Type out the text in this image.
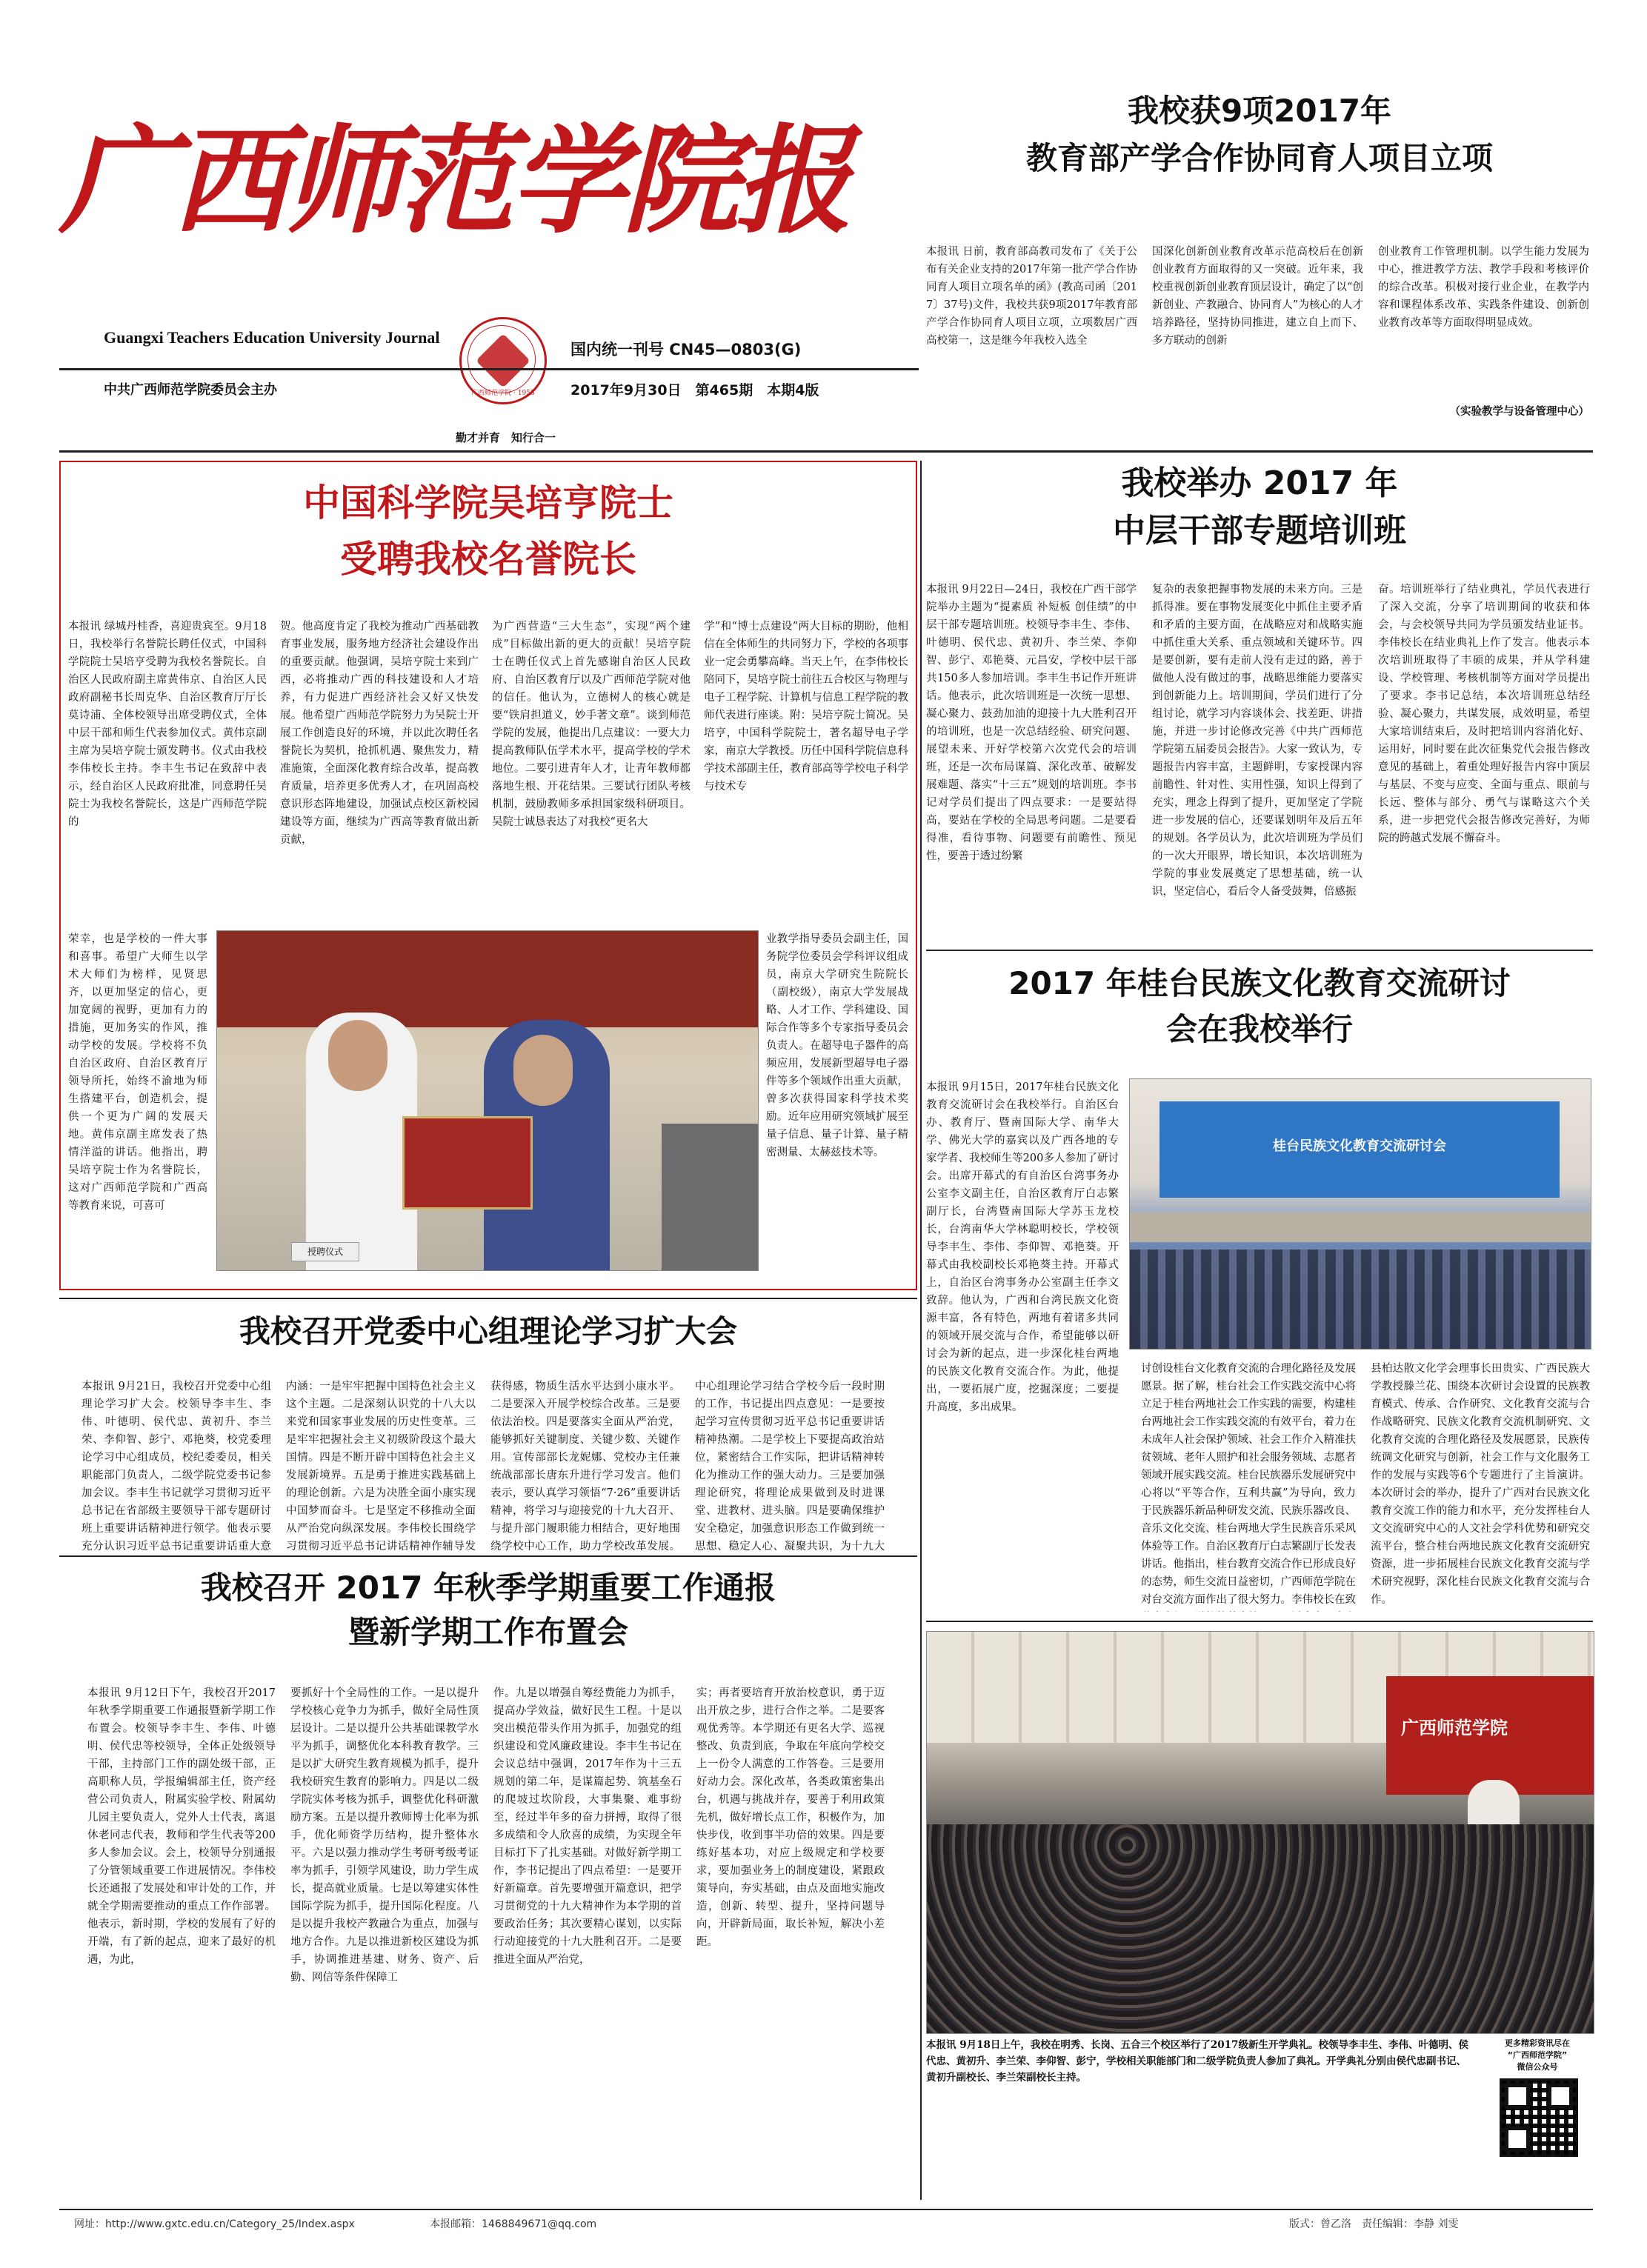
广西师范学院报
Guangxi Teachers Education University Journal
广西师范学院 · 1953
国内统一刊号 CN45—0803(G)
中共广西师范学院委员会主办	2017年9月30日　第465期　本期4版
勤才并育　知行合一
我校获9项2017年
教育部产学合作协同育人项目立项
本报讯 日前，教育部高教司发布了《关于公布有关企业支持的2017年第一批产学合作协同育人项目立项名单的函》(教高司函〔2017〕37号)文件，我校共获9项2017年教育部产学合作协同育人项目立项，立项数居广西高校第一，这是继今年我校入选全
国深化创新创业教育改革示范高校后在创新创业教育方面取得的又一突破。近年来，我校重视创新创业教育顶层设计，确定了以“创新创业、产教融合、协同育人”为核心的人才培养路径，坚持协同推进，建立自上而下、多方联动的创新
创业教育工作管理机制。以学生能力发展为中心，推进教学方法、教学手段和考核评价的综合改革。积极对接行业企业，在教学内容和课程体系改革、实践条件建设、创新创业教育改革等方面取得明显成效。
（实验教学与设备管理中心）
中国科学院吴培亨院士
受聘我校名誉院长
本报讯 绿城丹桂香，喜迎贵宾至。9月18日，我校举行名誉院长聘任仪式，中国科学院院士吴培亨受聘为我校名誉院长。自治区人民政府副主席黄伟京、自治区人民政府副秘书长周克华、自治区教育厅厅长莫诗浦、全体校领导出席受聘仪式，全体中层干部和师生代表参加仪式。黄伟京副主席为吴培亨院士颁发聘书。仪式由我校李伟校长主持。李丰生书记在致辞中表示，经自治区人民政府批准，同意聘任吴院士为我校名誉院长，这是广西师范学院的
贺。他高度肯定了我校为推动广西基础教育事业发展，服务地方经济社会建设作出的重要贡献。他强调，吴培亨院士来到广西，必将推动广西的科技建设和人才培养，有力促进广西经济社会又好又快发展。他希望广西师范学院努力为吴院士开展工作创造良好的环境，并以此次聘任名誉院长为契机，抢抓机遇、聚焦发力，精准施策，全面深化教育综合改革，提高教育质量，培养更多优秀人才，在巩固高校意识形态阵地建设，加强试点校区新校园建设等方面，继续为广西高等教育做出新贡献，
为广西营造“三大生态”，实现“两个建成”目标做出新的更大的贡献！吴培亨院士在聘任仪式上首先感谢自治区人民政府、自治区教育厅以及广西师范学院对他的信任。他认为，立德树人的核心就是要“铁肩担道义，妙手著文章”。谈到师范学院的发展，他提出几点建议：一要大力提高教师队伍学术水平，提高学校的学术地位。二要引进青年人才，让青年教师都落地生根、开花结果。三要试行团队考核机制，鼓励教师多承担国家级科研项目。吴院士诚恳表达了对我校“更名大
学”和“博士点建设”两大目标的期盼，他相信在全体师生的共同努力下，学校的各项事业一定会勇攀高峰。当天上午，在李伟校长陪同下，吴培亨院士前往五合校区与物理与电子工程学院、计算机与信息工程学院的教师代表进行座谈。附：吴培亨院士简况。吴培亨，中国科学院院士，著名超导电子学家，南京大学教授。历任中国科学院信息科学技术部副主任，教育部高等学校电子科学与技术专
荣幸，也是学校的一件大事和喜事。希望广大师生以学术大师们为榜样，见贤思齐，以更加坚定的信心，更加宽阔的视野，更加有力的措施，更加务实的作风，推动学校的发展。学校将不负自治区政府、自治区教育厅领导所托，始终不渝地为师生搭建平台，创造机会，提供一个更为广阔的发展天地。黄伟京副主席发表了热情洋溢的讲话。他指出，聘吴培亨院士作为名誉院长，这对广西师范学院和广西高等教育来说，可喜可
授聘仪式
业教学指导委员会副主任，国务院学位委员会学科评议组成员，南京大学研究生院院长（副校级），南京大学发展战略、人才工作、学科建设、国际合作等多个专家指导委员会负责人。在超导电子器件的高频应用，发展新型超导电子器件等多个领域作出重大贡献，曾多次获得国家科学技术奖励。近年应用研究领域扩展至量子信息、量子计算、量子精密测量、太赫兹技术等。
我校召开党委中心组理论学习扩大会
本报讯 9月21日，我校召开党委中心组理论学习扩大会。校领导李丰生、李伟、叶德明、侯代忠、黄初升、李兰荣、李仰智、彭宁、邓艳葵，校党委理论学习中心组成员，校纪委委员，相关职能部门负责人，二级学院党委书记参加会议。李丰生书记就学习贯彻习近平总书记在省部级主要领导干部专题研讨班上重要讲话精神进行领学。他表示要充分认识习近平总书记重要讲话重大意
内涵：一是牢牢把握中国特色社会主义这个主题。二是深刻认识党的十八大以来党和国家事业发展的历史性变革。三是牢牢把握社会主义初级阶段这个最大国情。四是不断开辟中国特色社会主义发展新境界。五是勇于推进实践基础上的理论创新。六是为决胜全面小康实现中国梦而奋斗。七是坚定不移推动全面从严治党向纵深发展。李伟校长围绕学习贯彻习近平总书记讲话精神作辅导发
获得感，物质生活水平达到小康水平。二是要深入开展学校综合改革。三是要依法治校。四是要落实全面从严治党，能够抓好关键制度、关键少数、关键作用。宣传部部长龙妮娜、党校办主任兼统战部部长唐东升进行学习发言。他们表示，要认真学习领悟“7·26”重要讲话精神，将学习与迎接党的十九大召开、与提升部门履职能力相结合，更好地围绕学校中心工作，助力学校改革发展。
中心组理论学习结合学校今后一段时期的工作，书记提出四点意见：一是要按起学习宣传贯彻习近平总书记重要讲话精神热潮。二是学校上下要提高政治站位，紧密结合工作实际，把讲话精神转化为推动工作的强大动力。三是要加强理论研究，将理论成果做到及时进课堂、进教材、进头脑。四是要确保维护安全稳定，加强意识形态工作做到统一思想、稳定人心、凝聚共识，为十九大
我校召开 2017 年秋季学期重要工作通报
暨新学期工作布置会
本报讯 9月12日下午，我校召开2017年秋季学期重要工作通报暨新学期工作布置会。校领导李丰生、李伟、叶德明、侯代忠等校领导，全体正处级领导干部，主持部门工作的副处级干部，正高职称人员，学报编辑部主任，资产经营公司负责人，附属实验学校、附属幼儿园主要负责人，党外人士代表，离退休老同志代表，教师和学生代表等200多人参加会议。会上，校领导分别通报了分管领域重要工作进展情况。李伟校长还通报了发展处和审计处的工作，并就全学期需要推动的重点工作作部署。他表示，新时期，学校的发展有了好的开端，有了新的起点，迎来了最好的机遇，为此，
要抓好十个全局性的工作。一是以提升学校核心竞争力为抓手，做好全局性顶层设计。二是以提升公共基础课教学水平为抓手，调整优化本科教育教学。三是以扩大研究生教育规模为抓手，提升我校研究生教育的影响力。四是以二级学院实体考核为抓手，调整优化科研激励方案。五是以提升教师博士化率为抓手，优化师资学历结构，提升整体水平。六是以强力推动学生考研考级考证率为抓手，引领学风建设，助力学生成长，提高就业质量。七是以筹建实体性国际学院为抓手，提升国际化程度。八是以提升我校产教融合为重点，加强与地方合作。九是以推进新校区建设为抓手，协调推进基建、财务、资产、后勤、网信等条件保障工
作。九是以增强自筹经费能力为抓手，提高办学效益，做好民生工程。十是以突出模范带头作用为抓手，加强党的组织建设和党风廉政建设。李丰生书记在会议总结中强调，2017年作为十三五规划的第二年，是谋篇起势、筑基垒石的爬坡过坎阶段，大事集聚、难事纷至，经过半年多的奋力拼搏，取得了很多成绩和令人欣喜的成绩，为实现全年目标打下了扎实基础。对做好新学期工作，李书记提出了四点希望：一是要开好新篇章。首先要增强开篇意识，把学习贯彻党的十九大精神作为本学期的首要政治任务；其次要精心谋划，以实际行动迎接党的十九大胜利召开。二是要推进全面从严治党，
实；再者要培育开放治校意识，勇于迈出开放之步，进行合作之举。二是要客观优秀等。本学期还有更名大学、巡视整改、负责到底，争取在年底向学校交上一份令人满意的工作答卷。三是要用好动力会。深化改革，各类政策密集出台，机遇与挑战并存，要善于利用政策先机，做好增长点工作，积极作为，加快步伐，收到事半功倍的效果。四是要练好基本功，对应上级规定和学校要求，要加强业务上的制度建设，紧跟政策导向，夯实基础，由点及面地实施改造，创新、转型、提升，坚持问题导向，开辟新局面，取长补短，解决小差距。
我校举办 2017 年
中层干部专题培训班
本报讯 9月22日—24日，我校在广西干部学院举办主题为“提素质 补短板 创佳绩”的中层干部专题培训班。校领导李丰生、李伟、叶德明、侯代忠、黄初升、李兰荣、李仰智、彭宁、邓艳葵、元昌安，学校中层干部共150多人参加培训。李丰生书记作开班讲话。他表示，此次培训班是一次统一思想、凝心聚力、鼓劲加油的迎接十九大胜利召开的培训班，也是一次总结经验、研究问题、展望未来、开好学校第六次党代会的培训班，还是一次布局谋篇、深化改革、破解发展难题、落实“十三五”规划的培训班。李书记对学员们提出了四点要求：一是要站得高，要站在学校的全局思考问题。二是要看得准，看待事物、问题要有前瞻性、预见性，要善于透过纷繁
复杂的表象把握事物发展的未来方向。三是抓得准。要在事物发展变化中抓住主要矛盾和矛盾的主要方面，在战略应对和战略实施中抓住重大关系、重点领域和关键环节。四是要创新，要有走前人没有走过的路，善于做他人没有做过的事，战略思维能力要落实到创新能力上。培训期间，学员们进行了分组讨论，就学习内容谈体会、找差距、讲措施，并进一步讨论修改完善《中共广西师范学院第五届委员会报告》。大家一致认为，专题报告内容丰富，主题鲜明，专家授课内容前瞻性、针对性、实用性强，知识上得到了充实，理念上得到了提升，更加坚定了学院进一步发展的信心，还要谋划明年及后五年的规划。各学员认为，此次培训班为学员们的一次大开眼界，增长知识，本次培训班为学院的事业发展奠定了思想基础，统一认识，坚定信心，看后令人备受鼓舞，倍感振
奋。培训班举行了结业典礼，学员代表进行了深入交流，分享了培训期间的收获和体会，与会校领导共同为学员颁发结业证书。李伟校长在结业典礼上作了发言。他表示本次培训班取得了丰硕的成果，并从学科建设、学校管理、考核机制等方面对学员提出了要求。李书记总结，本次培训班总结经验、凝心聚力，共谋发展，成效明显，希望大家培训结束后，及时把培训内容消化好、运用好，同时要在此次征集党代会报告修改意见的基础上，着重处理好报告内容中顶层与基层、不变与应变、全面与重点、眼前与长远、整体与部分、勇气与谋略这六个关系，进一步把党代会报告修改完善好，为师院的跨越式发展不懈奋斗。
2017 年桂台民族文化教育交流研讨
会在我校举行
本报讯 9月15日，2017年桂台民族文化教育交流研讨会在我校举行。自治区台办、教育厅、暨南国际大学、南华大学、佛光大学的嘉宾以及广西各地的专家学者、我校师生等200多人参加了研讨会。出席开幕式的有自治区台湾事务办公室李文副主任，自治区教育厅白志繁副厅长，台湾暨南国际大学苏玉龙校长，台湾南华大学林聪明校长，学校领导李丰生、李伟、李仰智、邓艳葵。开幕式由我校副校长邓艳葵主持。开幕式上，自治区台湾事务办公室副主任李文致辞。他认为，广西和台湾民族文化资源丰富，各有特色，两地有着诸多共同的领域开展交流与合作，希望能够以研讨会为新的起点，进一步深化桂台两地的民族文化教育交流合作。为此，他提出，一要拓展广度，挖掘深度；二要提升高度，多出成果。
桂台民族文化教育交流研讨会
讨创设桂台文化教育交流的合理化路径及发展愿景。据了解，桂台社会工作实践交流中心将立足于桂台两地社会工作实践的需要，构建桂台两地社会工作实践交流的有效平台，着力在未成年人社会保护领域、社会工作介入精准扶贫领域、老年人照护和社会服务领域、志愿者领域开展实践交流。桂台民族器乐发展研究中心将以“平等合作，互利共赢”为导向，致力于民族器乐新品种研发交流、民族乐器改良、音乐文化交流、桂台两地大学生民族音乐采风体验等工作。自治区教育厅白志繁副厅长发表讲话。他指出，桂台教育交流合作已形成良好的态势，师生交流日益密切，广西师范学院在对台交流方面作出了很大努力。李伟校长在致
县柏达散文化学会理事长田贵实、广西民族大学教授滕兰花、围绕本次研讨会设置的民族教育模式、传承、合作研究、文化教育交流与合作战略研究、民族文化教育交流机制研究、文化教育交流的合理化路径及发展愿景，民族传统调文化研究与创新，社会工作与文化服务工作的发展与实践等6个专题进行了主旨演讲。本次研讨会的举办，提升了广西对台民族文化教育交流工作的能力和水平，充分发挥桂台人文交流研究中心的人文社会学科优势和研究交流平台，整合桂台两地民族文化教育交流研究资源，进一步拓展桂台民族文化教育交流与学术研究视野，深化桂台民族文化教育交流与合作。
广西师范学院
本报讯 9月18日上午，我校在明秀、长岗、五合三个校区举行了2017级新生开学典礼。校领导李丰生、李伟、叶德明、侯代忠、黄初升、李兰荣、李仰智、彭宁，学校相关职能部门和二级学院负责人参加了典礼。开学典礼分别由侯代忠副书记、黄初升副校长、李兰荣副校长主持。
更多精彩资讯尽在
“广西师范学院”
微信公众号
网址：http://www.gxtc.edu.cn/Category_25/Index.aspx	本报邮箱：1468849671@qq.com	版式：曾乙洛　责任编辑：李静 刘雯
